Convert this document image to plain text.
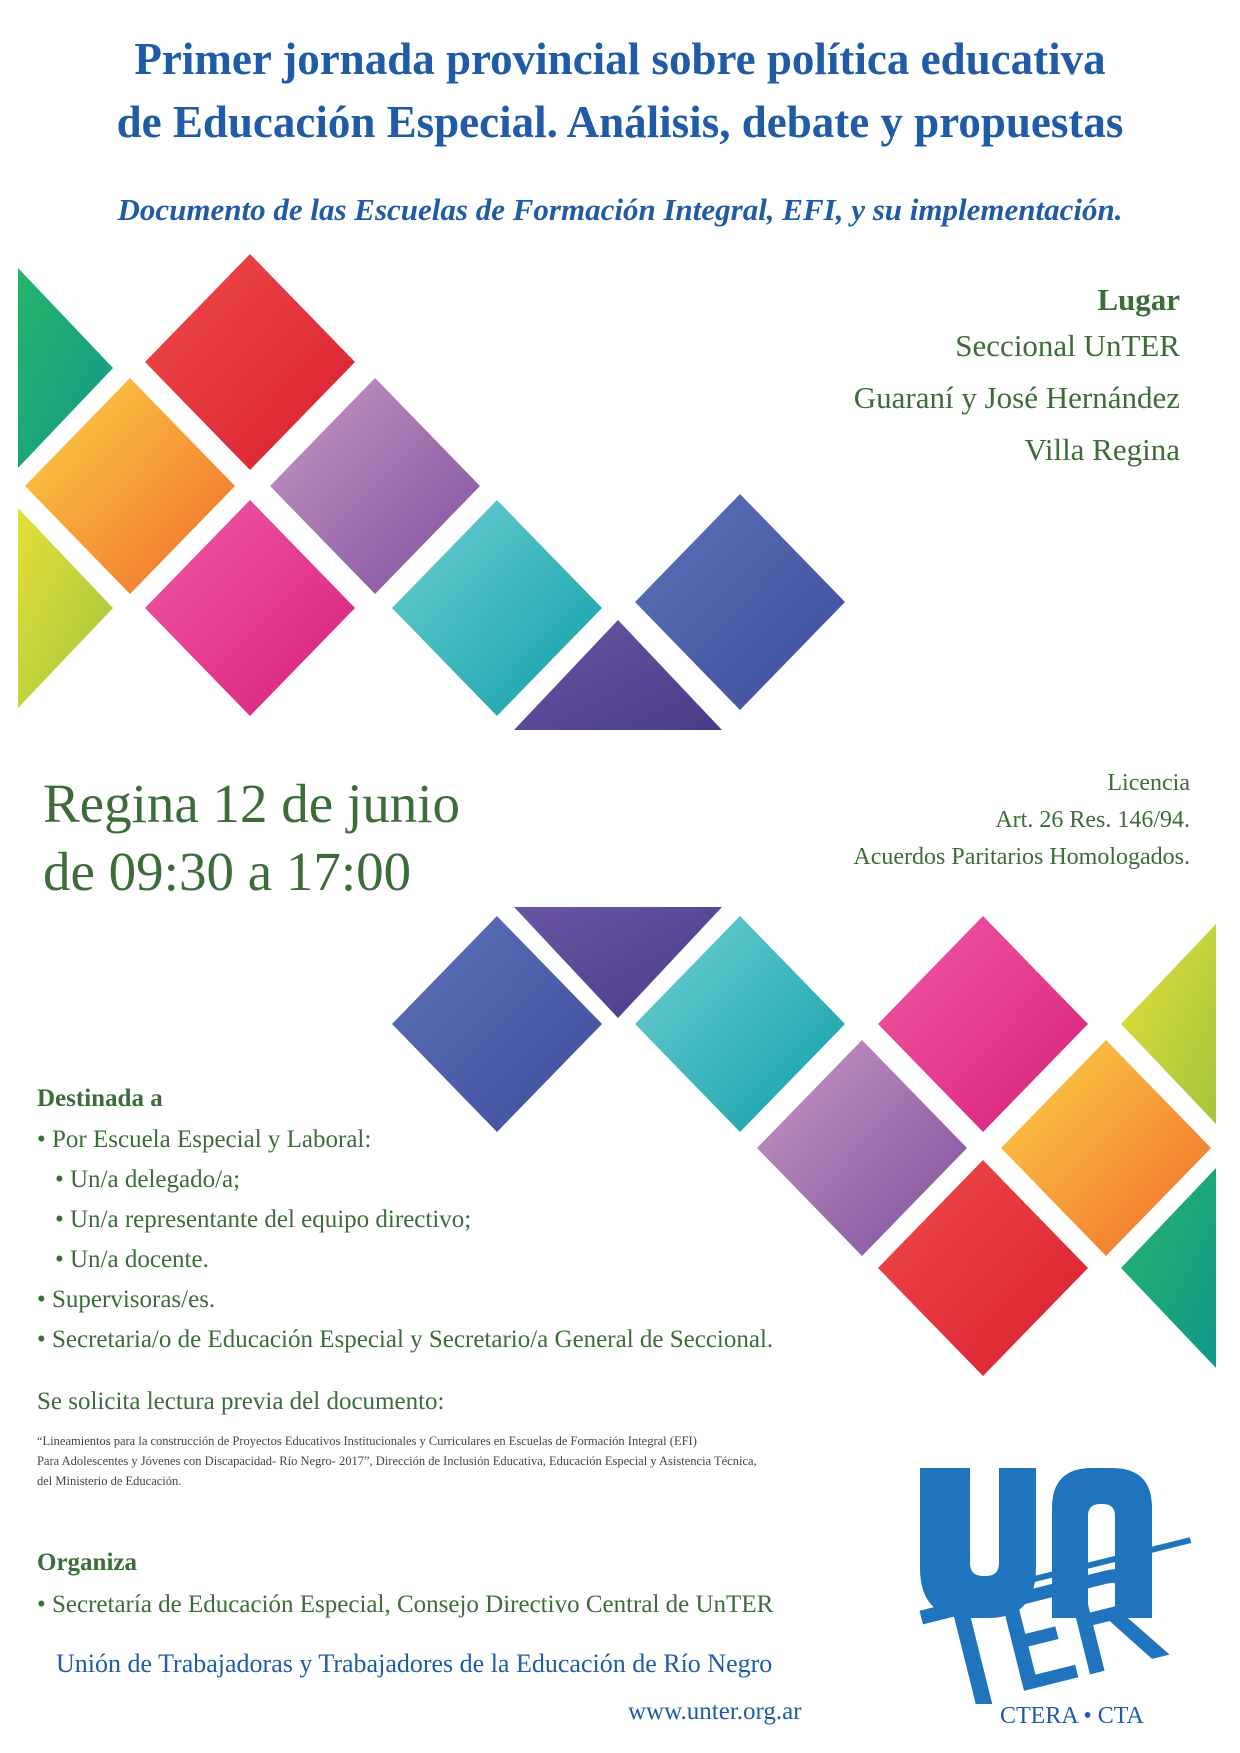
Primer jornada provincial sobre política educativa
de Educación Especial. Análisis, debate y propuestas

Documento de las Escuelas de Formación Integral, EFI, y su implementación.

Lugar
Seccional UnTER
Guaraní y José Hernández
Villa Regina
Regina 12 de junio
de 09:30 a 17:00
Licencia
Art. 26 Res. 146/94.
Acuerdos Paritarios Homologados.
Destinada a
• Por Escuela Especial y Laboral:
• Un/a delegado/a;
• Un/a representante del equipo directivo;
• Un/a docente.
• Supervisoras/es.
• Secretaria/o de Educación Especial y Secretario/a General de Seccional.
Se solicita lectura previa del documento:
“Lineamientos para la construcción de Proyectos Educativos Institucionales y Curriculares en Escuelas de Formación Integral (EFI)
Para Adolescentes y Jóvenes con Discapacidad- Río Negro- 2017”, Dirección de Inclusión Educativa, Educación Especial y Asistencia Técnica,
del Ministerio de Educación.
Organiza
• Secretaría de Educación Especial, Consejo Directivo Central de UnTER
Unión de Trabajadoras y Trabajadores de la Educación de Río Negro
www.unter.org.ar	CTERA • CTA
